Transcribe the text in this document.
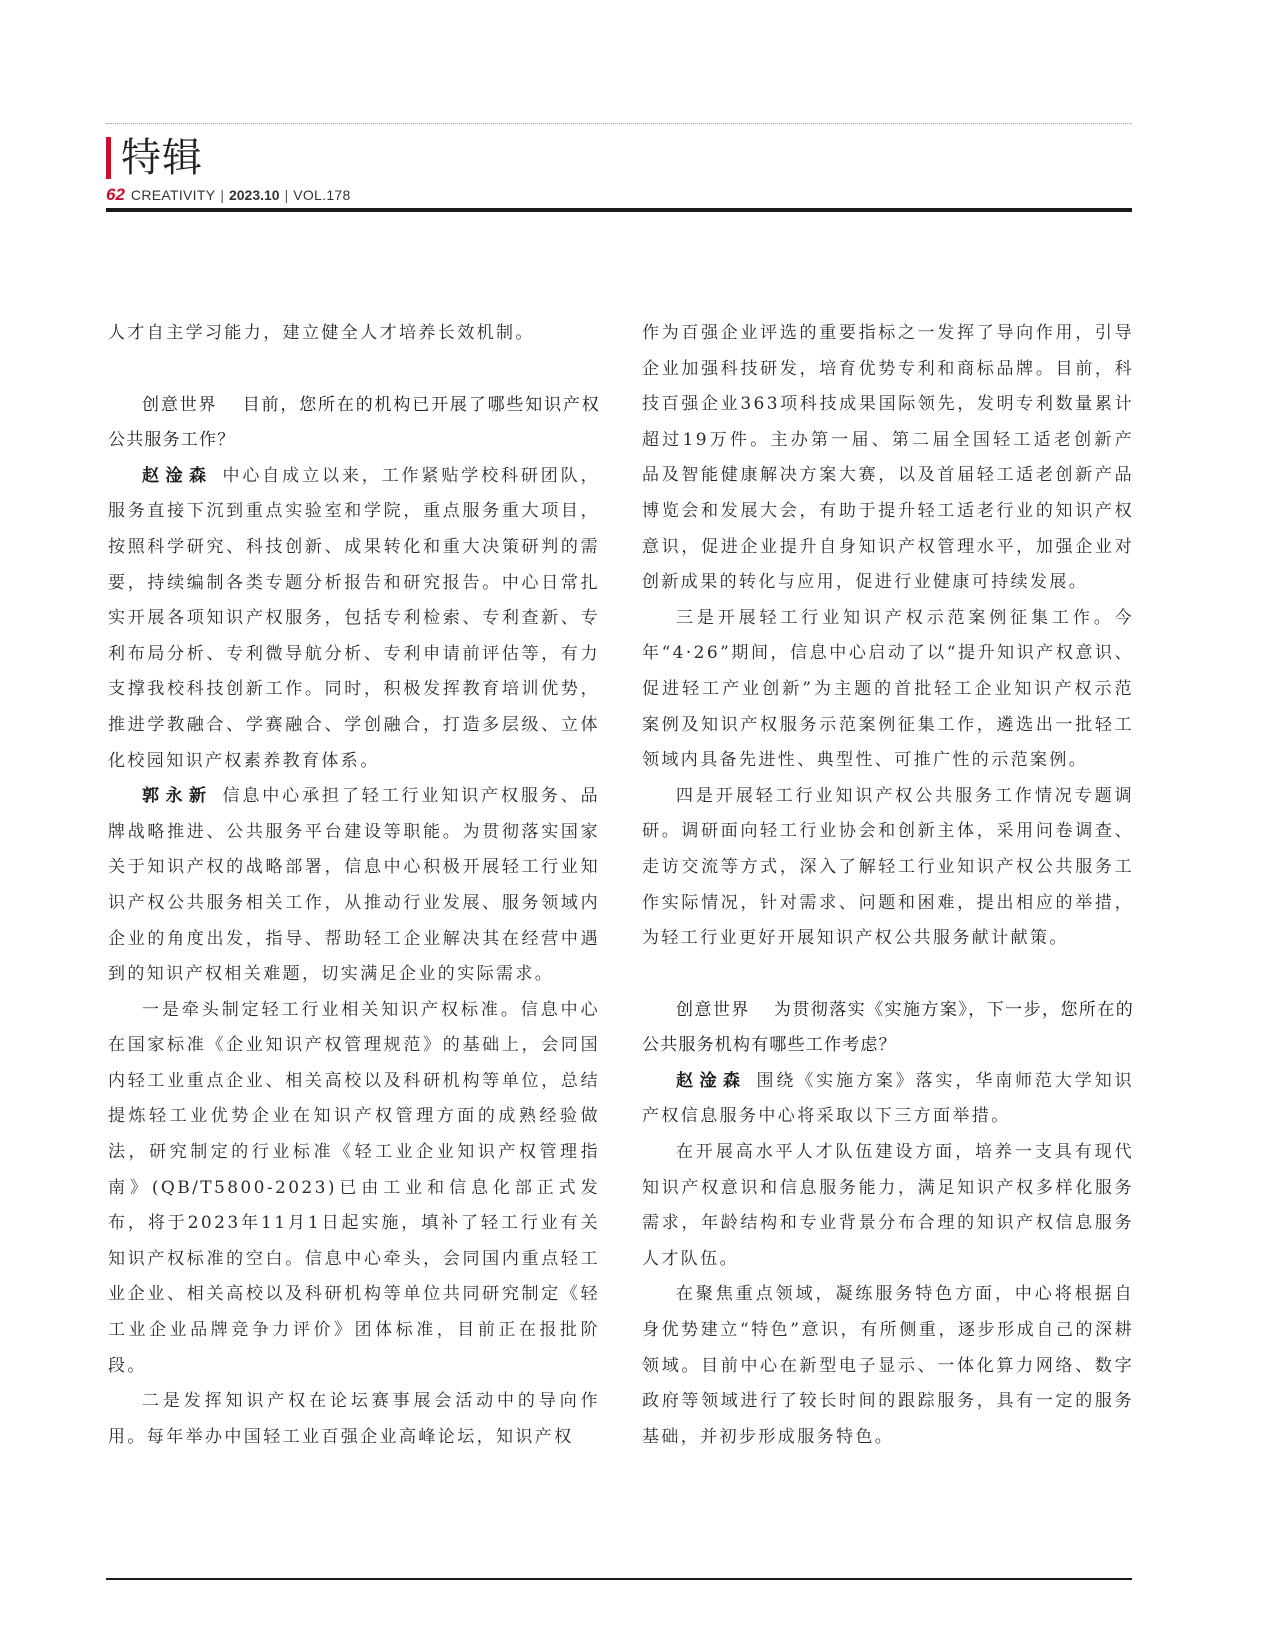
特辑
62 CREATIVITY | 2023.10 | VOL.178

人才自主学习能力，建立健全人才培养长效机制。

创意世界 目前，您所在的机构已开展了哪些知识产权公共服务工作？

赵淦森 中心自成立以来，工作紧贴学校科研团队，服务直接下沉到重点实验室和学院，重点服务重大项目，按照科学研究、科技创新、成果转化和重大决策研判的需要，持续编制各类专题分析报告和研究报告。中心日常扎实开展各项知识产权服务，包括专利检索、专利查新、专利布局分析、专利微导航分析、专利申请前评估等，有力支撑我校科技创新工作。同时，积极发挥教育培训优势，推进学教融合、学赛融合、学创融合，打造多层级、立体化校园知识产权素养教育体系。

郭永新 信息中心承担了轻工行业知识产权服务、品牌战略推进、公共服务平台建设等职能。为贯彻落实国家关于知识产权的战略部署，信息中心积极开展轻工行业知识产权公共服务相关工作，从推动行业发展、服务领域内企业的角度出发，指导、帮助轻工企业解决其在经营中遇到的知识产权相关难题，切实满足企业的实际需求。

一是牵头制定轻工行业相关知识产权标准。信息中心在国家标准《企业知识产权管理规范》的基础上，会同国内轻工业重点企业、相关高校以及科研机构等单位，总结提炼轻工业优势企业在知识产权管理方面的成熟经验做法，研究制定的行业标准《轻工业企业知识产权管理指南》(QB/T5800-2023)已由工业和信息化部正式发布，将于2023年11月1日起实施，填补了轻工行业有关知识产权标准的空白。信息中心牵头，会同国内重点轻工业企业、相关高校以及科研机构等单位共同研究制定《轻工业企业品牌竞争力评价》团体标准，目前正在报批阶段。

二是发挥知识产权在论坛赛事展会活动中的导向作用。每年举办中国轻工业百强企业高峰论坛，知识产权

作为百强企业评选的重要指标之一发挥了导向作用，引导企业加强科技研发，培育优势专利和商标品牌。目前，科技百强企业363项科技成果国际领先，发明专利数量累计超过19万件。主办第一届、第二届全国轻工适老创新产品及智能健康解决方案大赛，以及首届轻工适老创新产品博览会和发展大会，有助于提升轻工适老行业的知识产权意识，促进企业提升自身知识产权管理水平，加强企业对创新成果的转化与应用，促进行业健康可持续发展。

三是开展轻工行业知识产权示范案例征集工作。今年“4·26”期间，信息中心启动了以“提升知识产权意识、促进轻工产业创新”为主题的首批轻工企业知识产权示范案例及知识产权服务示范案例征集工作，遴选出一批轻工领域内具备先进性、典型性、可推广性的示范案例。

四是开展轻工行业知识产权公共服务工作情况专题调研。调研面向轻工行业协会和创新主体，采用问卷调查、走访交流等方式，深入了解轻工行业知识产权公共服务工作实际情况，针对需求、问题和困难，提出相应的举措，为轻工行业更好开展知识产权公共服务献计献策。

创意世界 为贯彻落实《实施方案》，下一步，您所在的公共服务机构有哪些工作考虑？

赵淦森 围绕《实施方案》落实，华南师范大学知识产权信息服务中心将采取以下三方面举措。

在开展高水平人才队伍建设方面，培养一支具有现代知识产权意识和信息服务能力，满足知识产权多样化服务需求，年龄结构和专业背景分布合理的知识产权信息服务人才队伍。

在聚焦重点领域，凝练服务特色方面，中心将根据自身优势建立“特色”意识，有所侧重，逐步形成自己的深耕领域。目前中心在新型电子显示、一体化算力网络、数字政府等领域进行了较长时间的跟踪服务，具有一定的服务基础，并初步形成服务特色。
